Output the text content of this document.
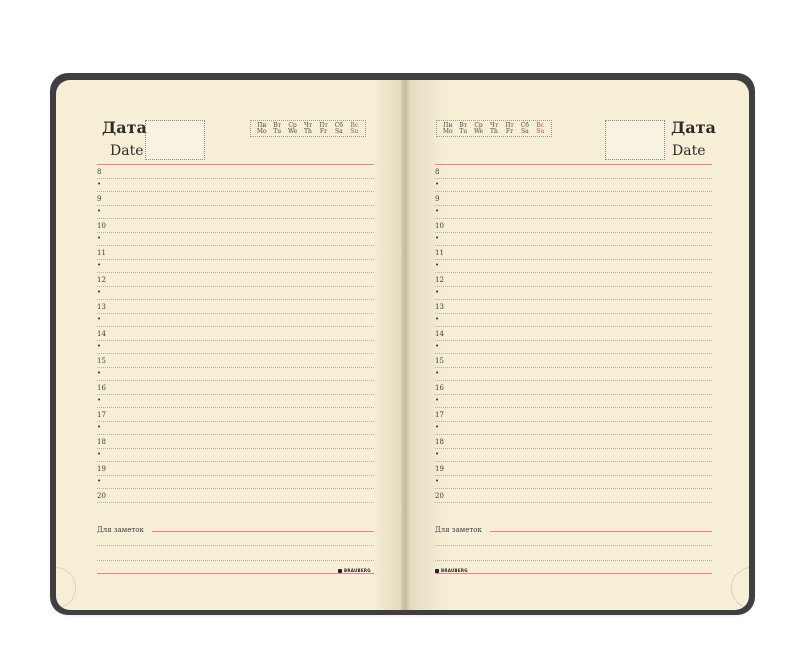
Дата
Date
Пн Вт Ср Чт Пт Сб Вс
Mo Tu We Th Fr Sa Su
8
•
9
•
10
•
11
•
12
•
13
•
14
•
15
•
16
•
17
•
18
•
19
•
20
Для заметок
BRAUBERG
Дата
Date
Пн Вт Ср Чт Пт Сб Вс
Mo Tu We Th Fr Sa Su
8
•
9
•
10
•
11
•
12
•
13
•
14
•
15
•
16
•
17
•
18
•
19
•
20
Для заметок
BRAUBERG
